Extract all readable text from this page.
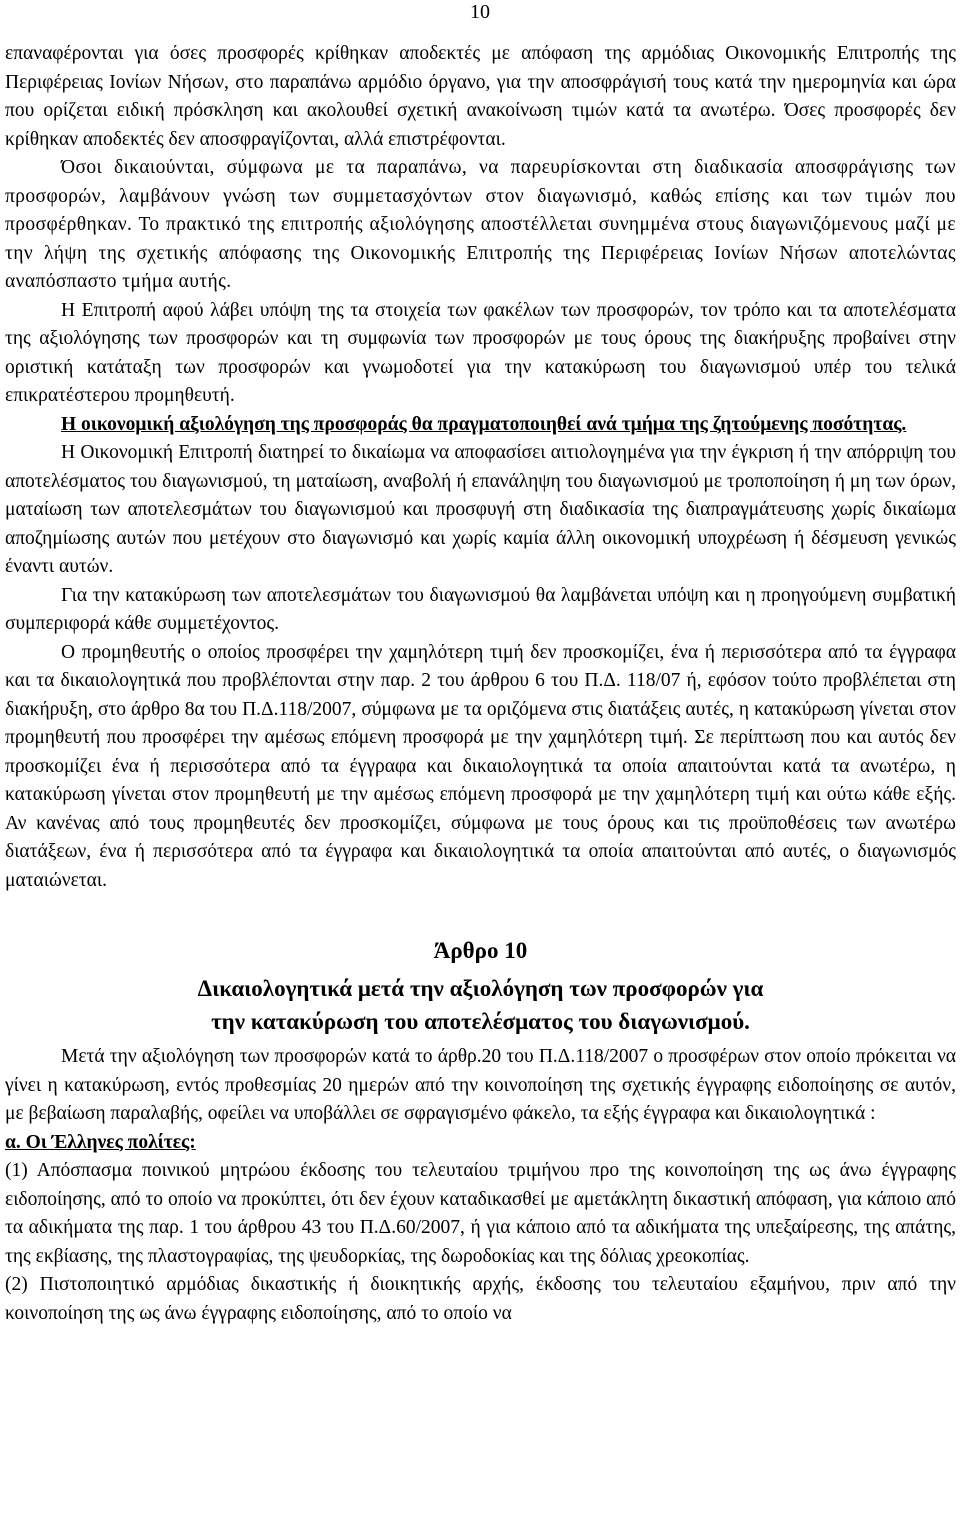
10

επαναφέρονται για όσες προσφορές κρίθηκαν αποδεκτές με απόφαση της αρμόδιας Οικονομικής Επιτροπής της Περιφέρειας Ιονίων Νήσων, στο παραπάνω αρμόδιο όργανο, για την αποσφράγισή τους κατά την ημερομηνία και ώρα που ορίζεται ειδική πρόσκληση και ακολουθεί σχετική ανακοίνωση τιμών κατά τα ανωτέρω. Όσες προσφορές δεν κρίθηκαν αποδεκτές δεν αποσφραγίζονται, αλλά επιστρέφονται.

Όσοι δικαιούνται, σύμφωνα με τα παραπάνω, να παρευρίσκονται στη διαδικασία αποσφράγισης των προσφορών, λαμβάνουν γνώση των συμμετασχόντων στον διαγωνισμό, καθώς επίσης και των τιμών που προσφέρθηκαν. Το πρακτικό της επιτροπής αξιολόγησης αποστέλλεται συνημμένα στους διαγωνιζόμενους μαζί με την λήψη της σχετικής απόφασης της Οικονομικής Επιτροπής της Περιφέρειας Ιονίων Νήσων αποτελώντας αναπόσπαστο τμήμα αυτής.

Η Επιτροπή αφού λάβει υπόψη της τα στοιχεία των φακέλων των προσφορών, τον τρόπο και τα αποτελέσματα της αξιολόγησης των προσφορών και τη συμφωνία των προσφορών με τους όρους της διακήρυξης προβαίνει στην οριστική κατάταξη των προσφορών και γνωμοδοτεί για την κατακύρωση του διαγωνισμού υπέρ του τελικά επικρατέστερου προμηθευτή.

Η οικονομική αξιολόγηση της προσφοράς θα πραγματοποιηθεί ανά τμήμα της ζητούμενης ποσότητας.

Η Οικονομική Επιτροπή διατηρεί το δικαίωμα να αποφασίσει αιτιολογημένα για την έγκριση ή την απόρριψη του αποτελέσματος του διαγωνισμού, τη ματαίωση, αναβολή ή επανάληψη του διαγωνισμού με τροποποίηση ή μη των όρων, ματαίωση των αποτελεσμάτων του διαγωνισμού και προσφυγή στη διαδικασία της διαπραγμάτευσης χωρίς δικαίωμα αποζημίωσης αυτών που μετέχουν στο διαγωνισμό και χωρίς καμία άλλη οικονομική υποχρέωση ή δέσμευση γενικώς έναντι αυτών.

Για την κατακύρωση των αποτελεσμάτων του διαγωνισμού θα λαμβάνεται υπόψη και η προηγούμενη συμβατική συμπεριφορά κάθε συμμετέχοντος.

Ο προμηθευτής ο οποίος προσφέρει την χαμηλότερη τιμή δεν προσκομίζει, ένα ή περισσότερα από τα έγγραφα και τα δικαιολογητικά που προβλέπονται στην παρ. 2 του άρθρου 6 του Π.Δ. 118/07 ή, εφόσον τούτο προβλέπεται στη διακήρυξη, στο άρθρο 8α του Π.Δ.118/2007, σύμφωνα με τα οριζόμενα στις διατάξεις αυτές, η κατακύρωση γίνεται στον προμηθευτή που προσφέρει την αμέσως επόμενη προσφορά με την χαμηλότερη τιμή. Σε περίπτωση που και αυτός δεν προσκομίζει ένα ή περισσότερα από τα έγγραφα και δικαιολογητικά τα οποία απαιτούνται κατά τα ανωτέρω, η κατακύρωση γίνεται στον προμηθευτή με την αμέσως επόμενη προσφορά με την χαμηλότερη τιμή και ούτω κάθε εξής. Αν κανένας από τους προμηθευτές δεν προσκομίζει, σύμφωνα με τους όρους και τις προϋποθέσεις των ανωτέρω διατάξεων, ένα ή περισσότερα από τα έγγραφα και δικαιολογητικά τα οποία απαιτούνται από αυτές, ο διαγωνισμός ματαιώνεται.

Άρθρο 10

Δικαιολογητικά μετά την αξιολόγηση των προσφορών για

την κατακύρωση του αποτελέσματος του διαγωνισμού.

Μετά την αξιολόγηση των προσφορών κατά το άρθρ.20 του Π.Δ.118/2007 ο προσφέρων στον οποίο πρόκειται να γίνει η κατακύρωση, εντός προθεσμίας 20 ημερών από την κοινοποίηση της σχετικής έγγραφης ειδοποίησης σε αυτόν, με βεβαίωση παραλαβής, οφείλει να υποβάλλει σε σφραγισμένο φάκελο, τα εξής έγγραφα και δικαιολογητικά :

α. Οι Έλληνες πολίτες:

(1) Απόσπασμα ποινικού μητρώου έκδοσης του τελευταίου τριμήνου προ της κοινοποίηση της ως άνω έγγραφης ειδοποίησης, από το οποίο να προκύπτει, ότι δεν έχουν καταδικασθεί με αμετάκλητη δικαστική απόφαση, για κάποιο από τα αδικήματα της παρ. 1 του άρθρου 43 του Π.Δ.60/2007, ή για κάποιο από τα αδικήματα της υπεξαίρεσης, της απάτης, της εκβίασης, της πλαστογραφίας, της ψευδορκίας, της δωροδοκίας και της δόλιας χρεοκοπίας.

(2) Πιστοποιητικό αρμόδιας δικαστικής ή διοικητικής αρχής, έκδοσης του τελευταίου εξαμήνου, πριν από την κοινοποίηση της ως άνω έγγραφης ειδοποίησης, από το οποίο να
